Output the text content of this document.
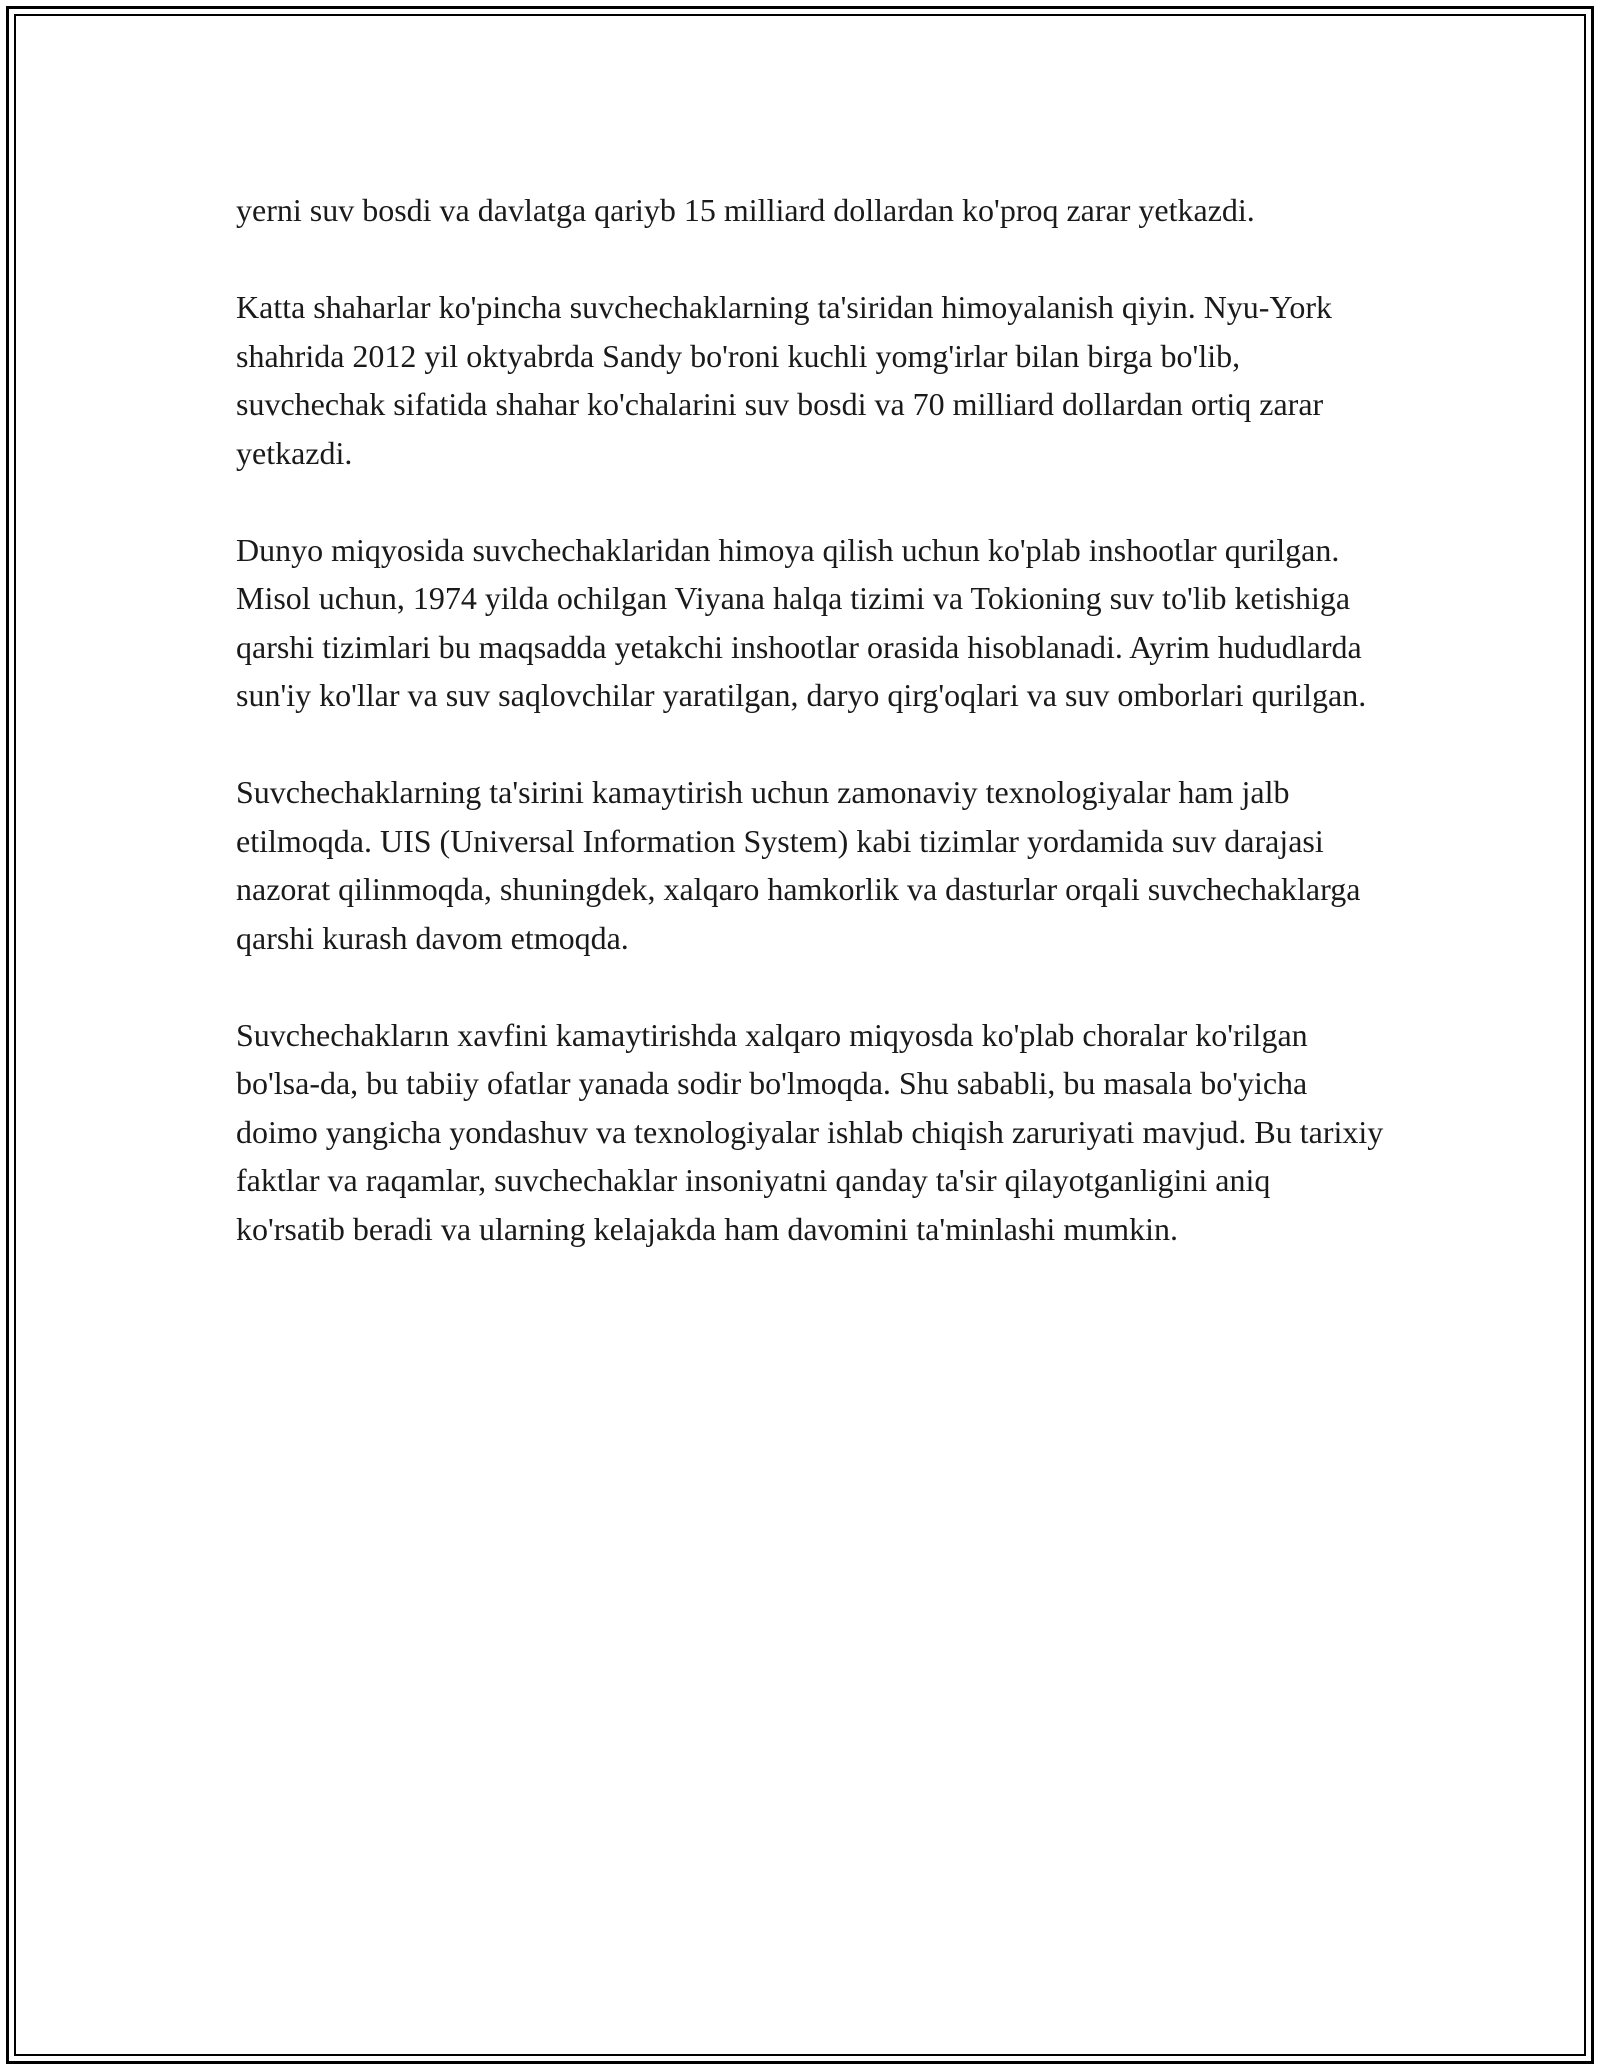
yerni suv bosdi va davlatga qariyb 15 milliard dollardan ko'proq zarar yetkazdi.

Katta shaharlar ko'pincha suvchechaklarning ta'siridan himoyalanish qiyin. Nyu-York shahrida 2012 yil oktyabrda Sandy bo'roni kuchli yomg'irlar bilan birga bo'lib, suvchechak sifatida shahar ko'chalarini suv bosdi va 70 milliard dollardan ortiq zarar yetkazdi.

Dunyo miqyosida suvchechaklaridan himoya qilish uchun ko'plab inshootlar qurilgan. Misol uchun, 1974 yilda ochilgan Viyana halqa tizimi va Tokioning suv to'lib ketishiga qarshi tizimlari bu maqsadda yetakchi inshootlar orasida hisoblanadi. Ayrim hududlarda sun'iy ko'llar va suv saqlovchilar yaratilgan, daryo qirg'oqlari va suv omborlari qurilgan.

Suvchechaklarning ta'sirini kamaytirish uchun zamonaviy texnologiyalar ham jalb etilmoqda. UIS (Universal Information System) kabi tizimlar yordamida suv darajasi nazorat qilinmoqda, shuningdek, xalqaro hamkorlik va dasturlar orqali suvchechaklarga qarshi kurash davom etmoqda.

Suvchechakların xavfini kamaytirishda xalqaro miqyosda ko'plab choralar ko'rilgan bo'lsa-da, bu tabiiy ofatlar yanada sodir bo'lmoqda. Shu sababli, bu masala bo'yicha doimo yangicha yondashuv va texnologiyalar ishlab chiqish zaruriyati mavjud. Bu tarixiy faktlar va raqamlar, suvchechaklar insoniyatni qanday ta'sir qilayotganligini aniq ko'rsatib beradi va ularning kelajakda ham davomini ta'minlashi mumkin.
